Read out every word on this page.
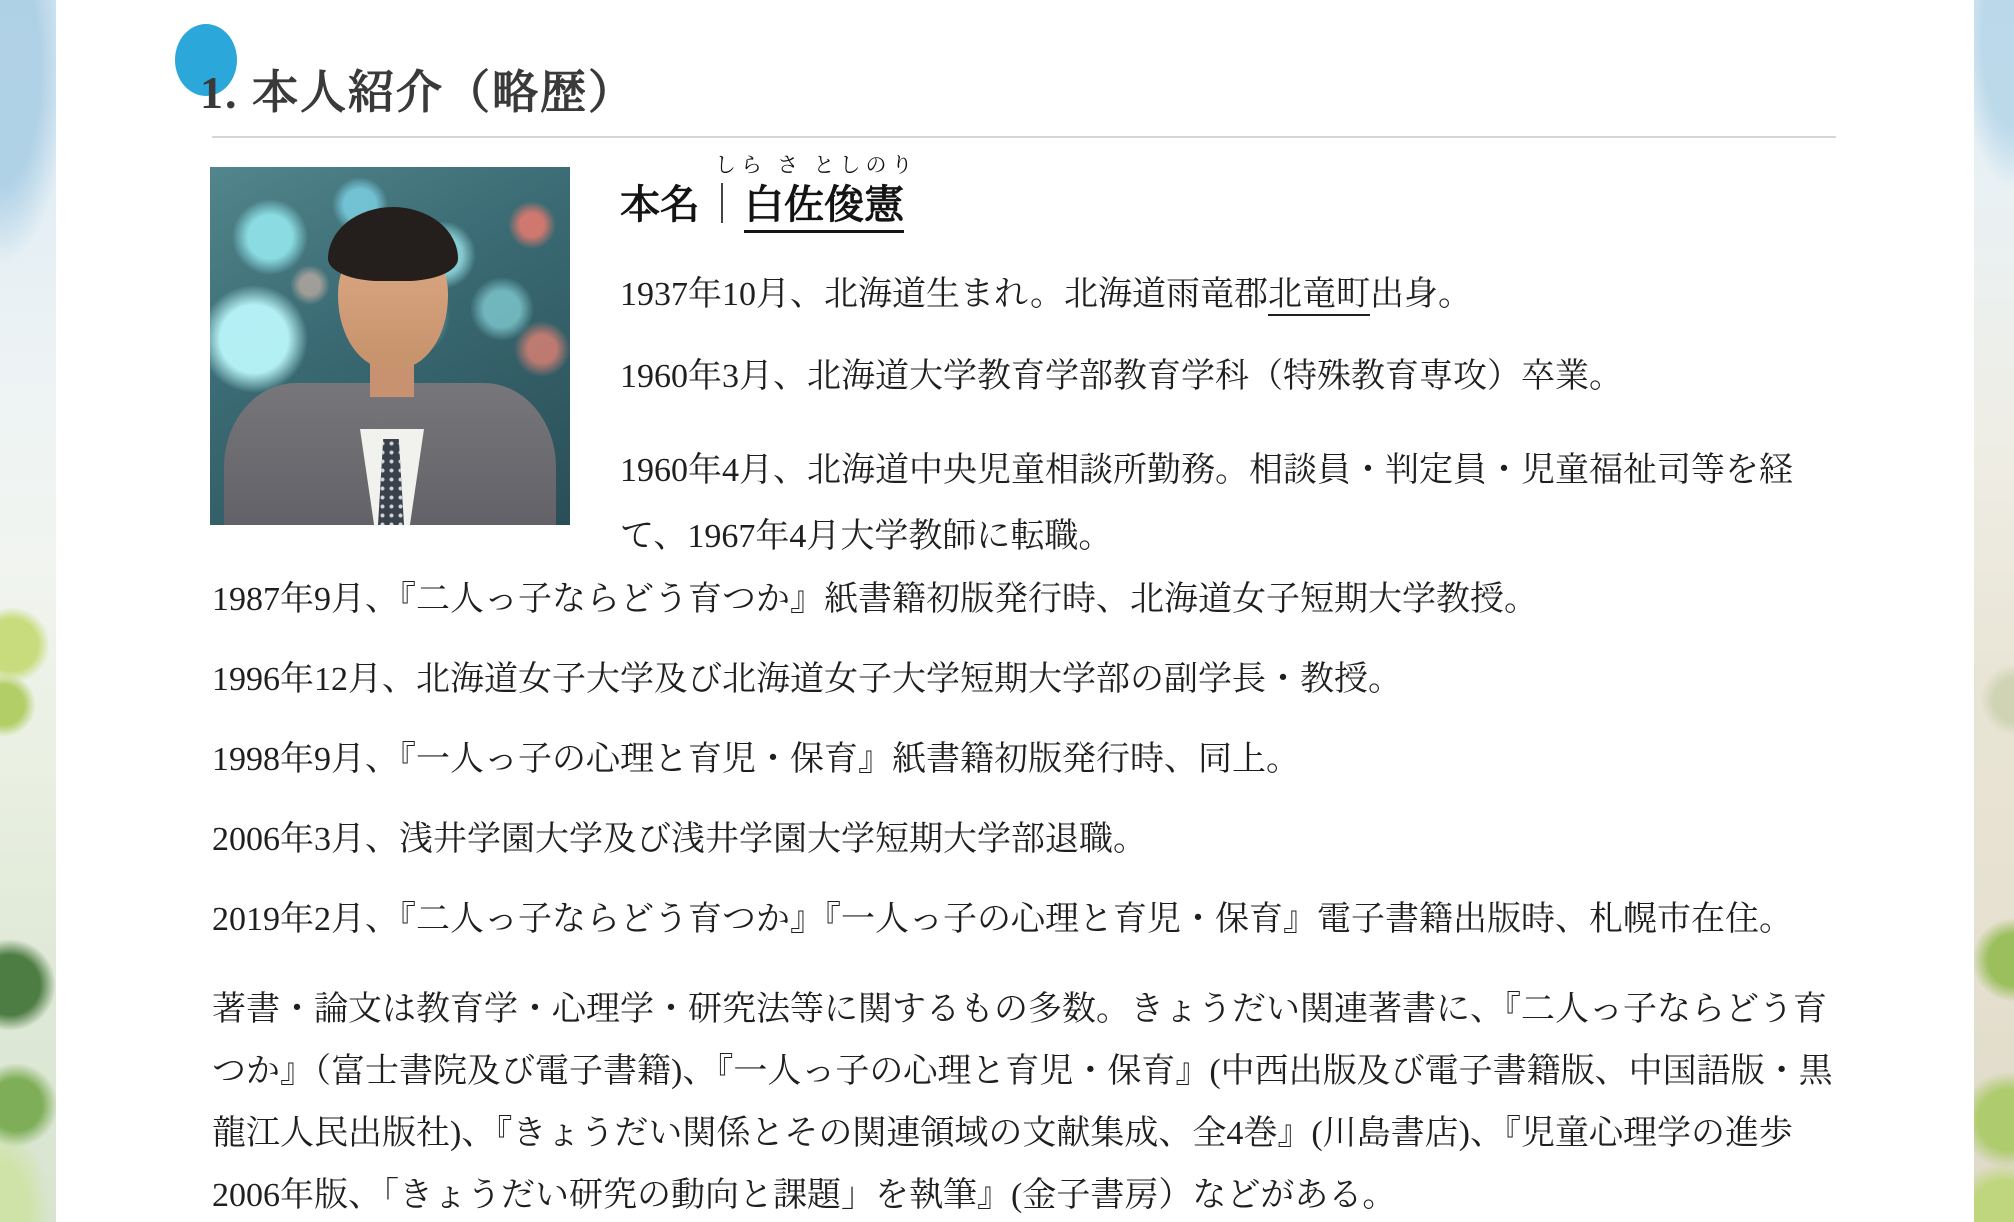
1. 本人紹介（略歴）
しら さ としのり
本名｜白佐俊憲

1937年10月、北海道生まれ。北海道雨竜郡北竜町出身。

1960年3月、北海道大学教育学部教育学科（特殊教育専攻）卒業。

1960年4月、北海道中央児童相談所勤務。相談員・判定員・児童福祉司等を経て、1967年4月大学教師に転職。

1987年9月、『二人っ子ならどう育つか』紙書籍初版発行時、北海道女子短期大学教授。

1996年12月、北海道女子大学及び北海道女子大学短期大学部の副学長・教授。

1998年9月、『一人っ子の心理と育児・保育』紙書籍初版発行時、同上。

2006年3月、浅井学園大学及び浅井学園大学短期大学部退職。

2019年2月、『二人っ子ならどう育つか』『一人っ子の心理と育児・保育』電子書籍出版時、札幌市在住。

著書・論文は教育学・心理学・研究法等に関するもの多数。きょうだい関連著書に、『二人っ子ならどう育つか』（富士書院及び電子書籍)、『一人っ子の心理と育児・保育』(中西出版及び電子書籍版、中国語版・黒龍江人民出版社)、『きょうだい関係とその関連領域の文献集成、全4巻』(川島書店)、『児童心理学の進歩2006年版、「きょうだい研究の動向と課題」を執筆』(金子書房）などがある。
